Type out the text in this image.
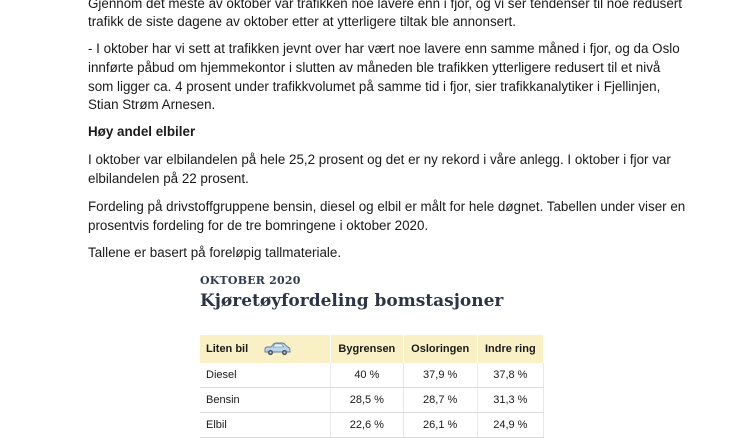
Gjennom det meste av oktober var trafikken noe lavere enn i fjor, og vi ser tendenser til noe redusert
trafikk de siste dagene av oktober etter at ytterligere tiltak ble annonsert.
- I oktober har vi sett at trafikken jevnt over har vært noe lavere enn samme måned i fjor, og da Oslo
innførte påbud om hjemmekontor i slutten av måneden ble trafikken ytterligere redusert til et nivå
som ligger ca. 4 prosent under trafikkvolumet på samme tid i fjor, sier trafikkanalytiker i Fjellinjen,
Stian Strøm Arnesen.
Høy andel elbiler
I oktober var elbilandelen på hele 25,2 prosent og det er ny rekord i våre anlegg. I oktober i fjor var
elbilandelen på 22 prosent.
Fordeling på drivstoffgruppene bensin, diesel og elbil er målt for hele døgnet. Tabellen under viser en
prosentvis fordeling for de tre bomringene i oktober 2020.
Tallene er basert på foreløpig tallmateriale.
OKTOBER 2020
Kjøretøyfordeling bomstasjoner
Liten bil	Bygrensen	Osloringen	Indre ring
Diesel	40 %	37,9 %	37,8 %
Bensin	28,5 %	28,7 %	31,3 %
Elbil	22,6 %	26,1 %	24,9 %
